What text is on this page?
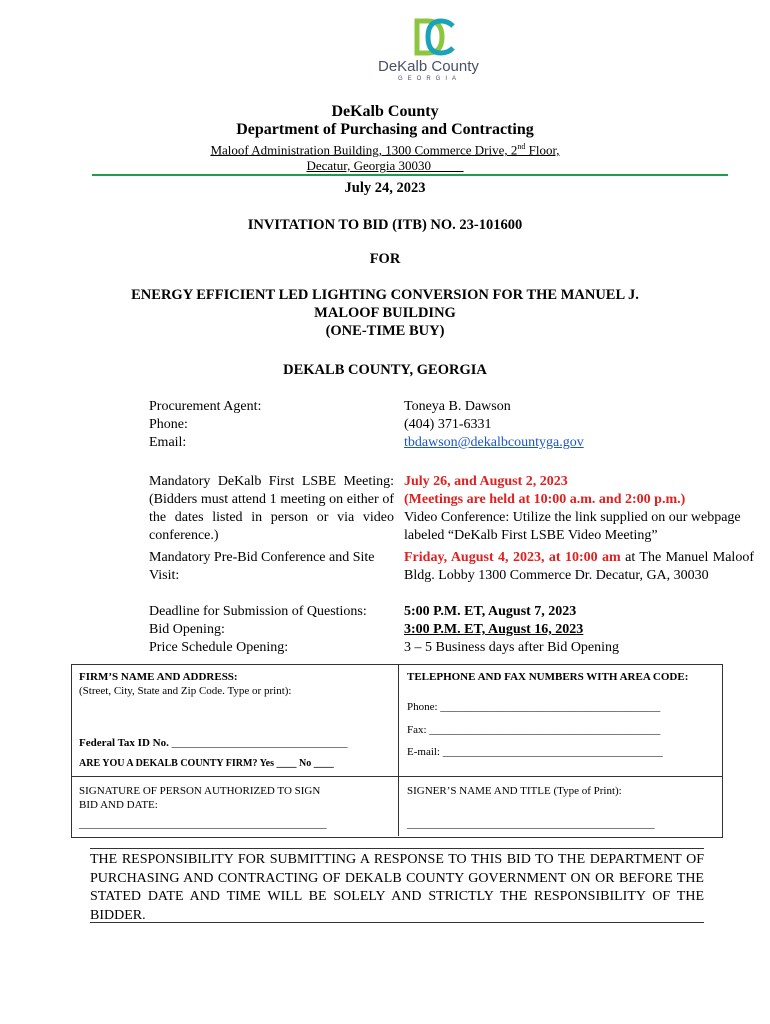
DeKalb County
GEORGIA
DeKalb County
Department of Purchasing and Contracting
Maloof Administration Building, 1300 Commerce Drive, 2nd Floor,
Decatur, Georgia 30030_____
July 24, 2023
INVITATION TO BID (ITB) NO. 23-101600
FOR
ENERGY EFFICIENT LED LIGHTING CONVERSION FOR THE MANUEL J.
MALOOF BUILDING
(ONE-TIME BUY)
DEKALB COUNTY, GEORGIA
Procurement Agent:
Phone:
Email:
Toneya B. Dawson
(404) 371-6331
tbdawson@dekalbcountyga.gov
Mandatory DeKalb First LSBE Meeting: (Bidders must attend 1 meeting on either of the dates listed in person or via video conference.)
July 26, and August 2, 2023
(Meetings are held at 10:00 a.m. and 2:00 p.m.)
Video Conference: Utilize the link supplied on our webpage labeled “DeKalb First LSBE Video Meeting”
Mandatory Pre-Bid Conference and Site Visit:
Friday, August 4, 2023, at 10:00 am at The Manuel Maloof Bldg. Lobby 1300 Commerce Dr. Decatur, GA, 30030
Deadline for Submission of Questions:
Bid Opening:
Price Schedule Opening:
5:00 P.M. ET, August 7, 2023
3:00 P.M. ET, August 16, 2023
3 – 5 Business days after Bid Opening
FIRM’S NAME AND ADDRESS:
(Street, City, State and Zip Code. Type or print):
Federal Tax ID No. ________________________________
ARE YOU A DEKALB COUNTY FIRM? Yes ____ No ____
TELEPHONE AND FAX NUMBERS WITH AREA CODE:
Phone: ________________________________________
Fax: __________________________________________
E-mail: ________________________________________
SIGNATURE OF PERSON AUTHORIZED TO SIGN BID AND DATE:
_____________________________________________
SIGNER’S NAME AND TITLE (Type of Print):
_____________________________________________
THE RESPONSIBILITY FOR SUBMITTING A RESPONSE TO THIS BID TO THE DEPARTMENT OF PURCHASING AND CONTRACTING OF DEKALB COUNTY GOVERNMENT ON OR BEFORE THE STATED DATE AND TIME WILL BE SOLELY AND STRICTLY THE RESPONSIBILITY OF THE BIDDER.
